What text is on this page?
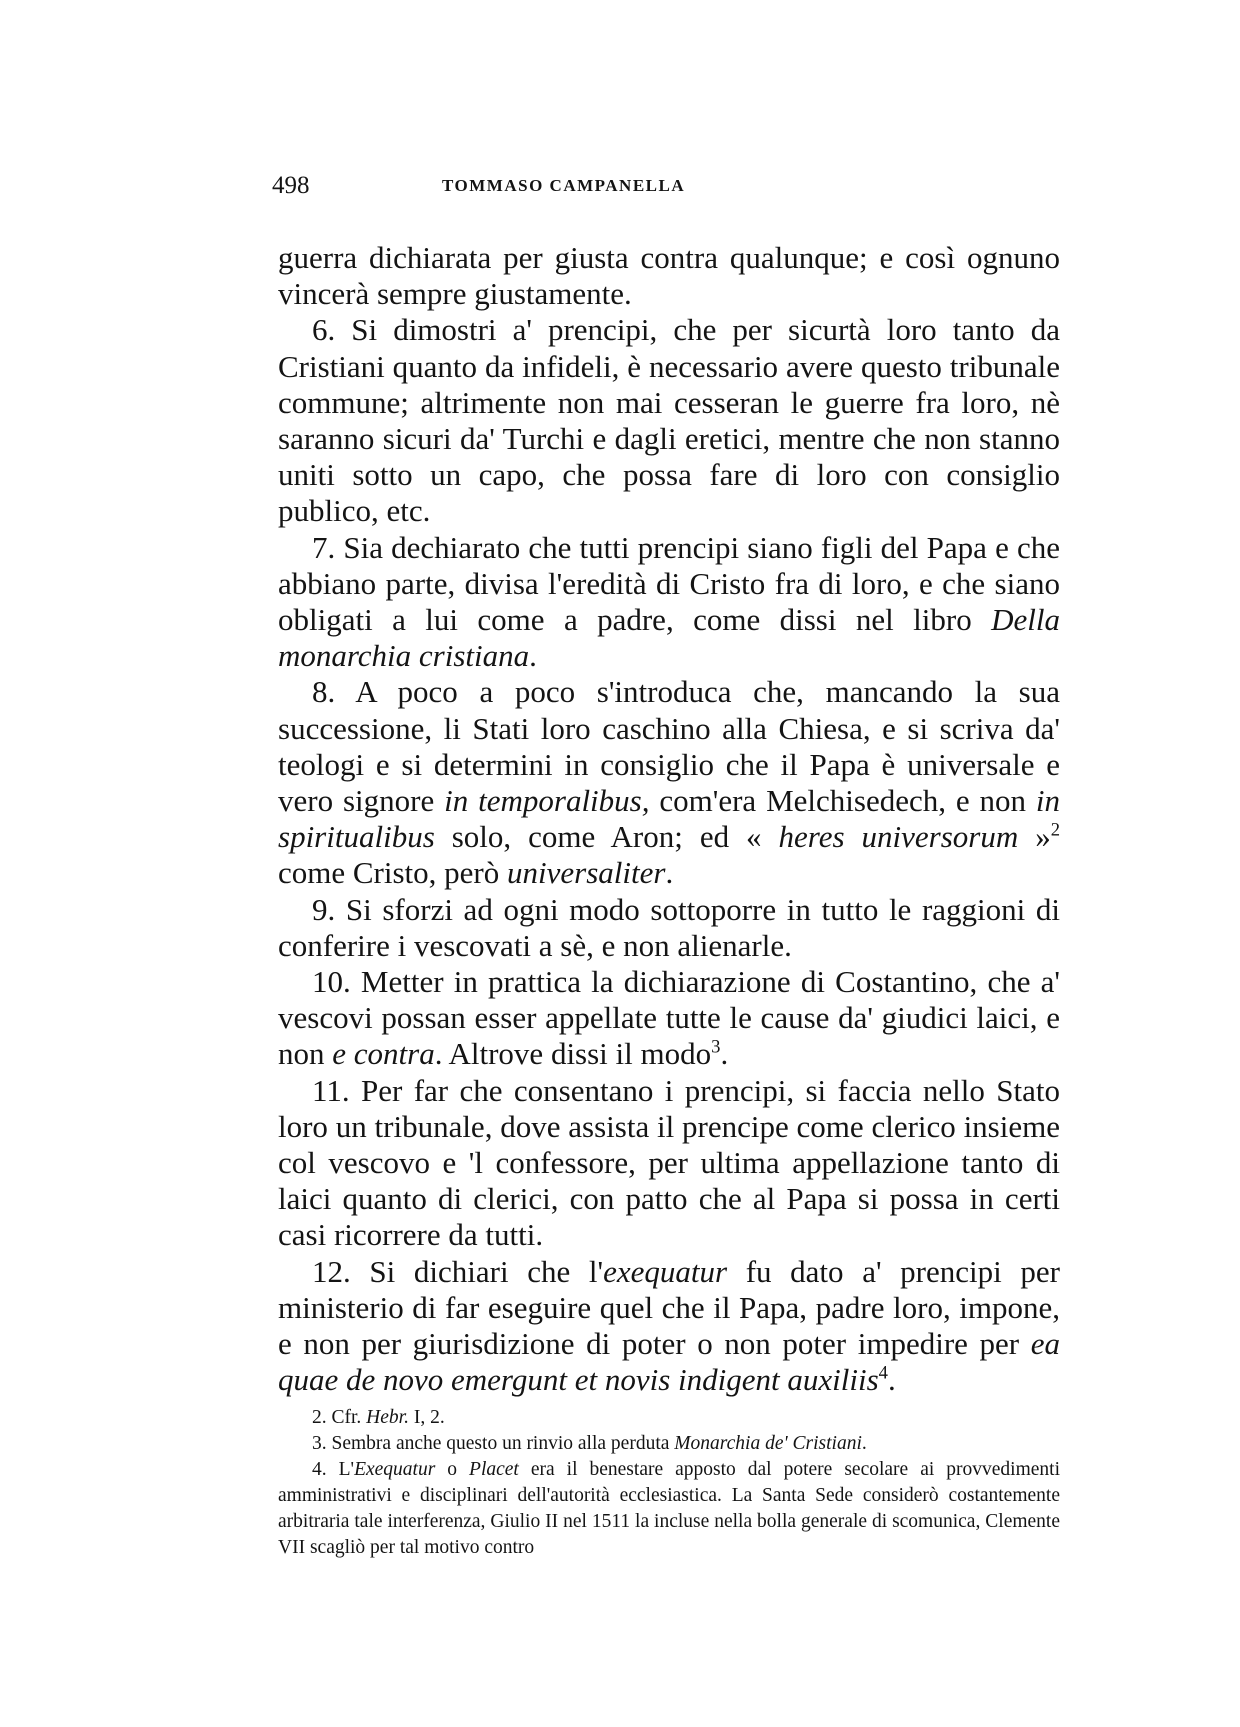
498	TOMMASO CAMPANELLA

guerra dichiarata per giusta contra qualunque; e così ognuno vincerà sempre giustamente.

6. Si dimostri a' prencipi, che per sicurtà loro tanto da Cristiani quanto da infideli, è necessario avere questo tribunale commune; altrimente non mai cesseran le guerre fra loro, nè saranno sicuri da' Turchi e dagli eretici, mentre che non stanno uniti sotto un capo, che possa fare di loro con consiglio publico, etc.

7. Sia dechiarato che tutti prencipi siano figli del Papa e che abbiano parte, divisa l'eredità di Cristo fra di loro, e che siano obligati a lui come a padre, come dissi nel libro Della monarchia cristiana.

8. A poco a poco s'introduca che, mancando la sua successione, li Stati loro caschino alla Chiesa, e si scriva da' teologi e si determini in consiglio che il Papa è universale e vero signore in temporalibus, com'era Melchisedech, e non in spiritualibus solo, come Aron; ed « heres universorum »$^2$ come Cristo, però universaliter.

9. Si sforzi ad ogni modo sottoporre in tutto le raggioni di conferire i vescovati a sè, e non alienarle.

10. Metter in prattica la dichiarazione di Costantino, che a' vescovi possan esser appellate tutte le cause da' giudici laici, e non e contra. Altrove dissi il modo$^3$.

11. Per far che consentano i prencipi, si faccia nello Stato loro un tribunale, dove assista il prencipe come clerico insieme col vescovo e 'l confessore, per ultima appellazione tanto di laici quanto di clerici, con patto che al Papa si possa in certi casi ricorrere da tutti.

12. Si dichiari che l'exequatur fu dato a' prencipi per ministerio di far eseguire quel che il Papa, padre loro, impone, e non per giurisdizione di poter o non poter impedire per ea quae de novo emergunt et novis indigent auxiliis$^4$.

2. Cfr. Hebr. I, 2.

3. Sembra anche questo un rinvio alla perduta Monarchia de' Cristiani.

4. L'Exequatur o Placet era il benestare apposto dal potere secolare ai provvedimenti amministrativi e disciplinari dell'autorità ecclesiastica. La Santa Sede considerò costantemente arbitraria tale interferenza, Giulio II nel 1511 la incluse nella bolla generale di scomunica, Clemente VII scagliò per tal motivo contro
